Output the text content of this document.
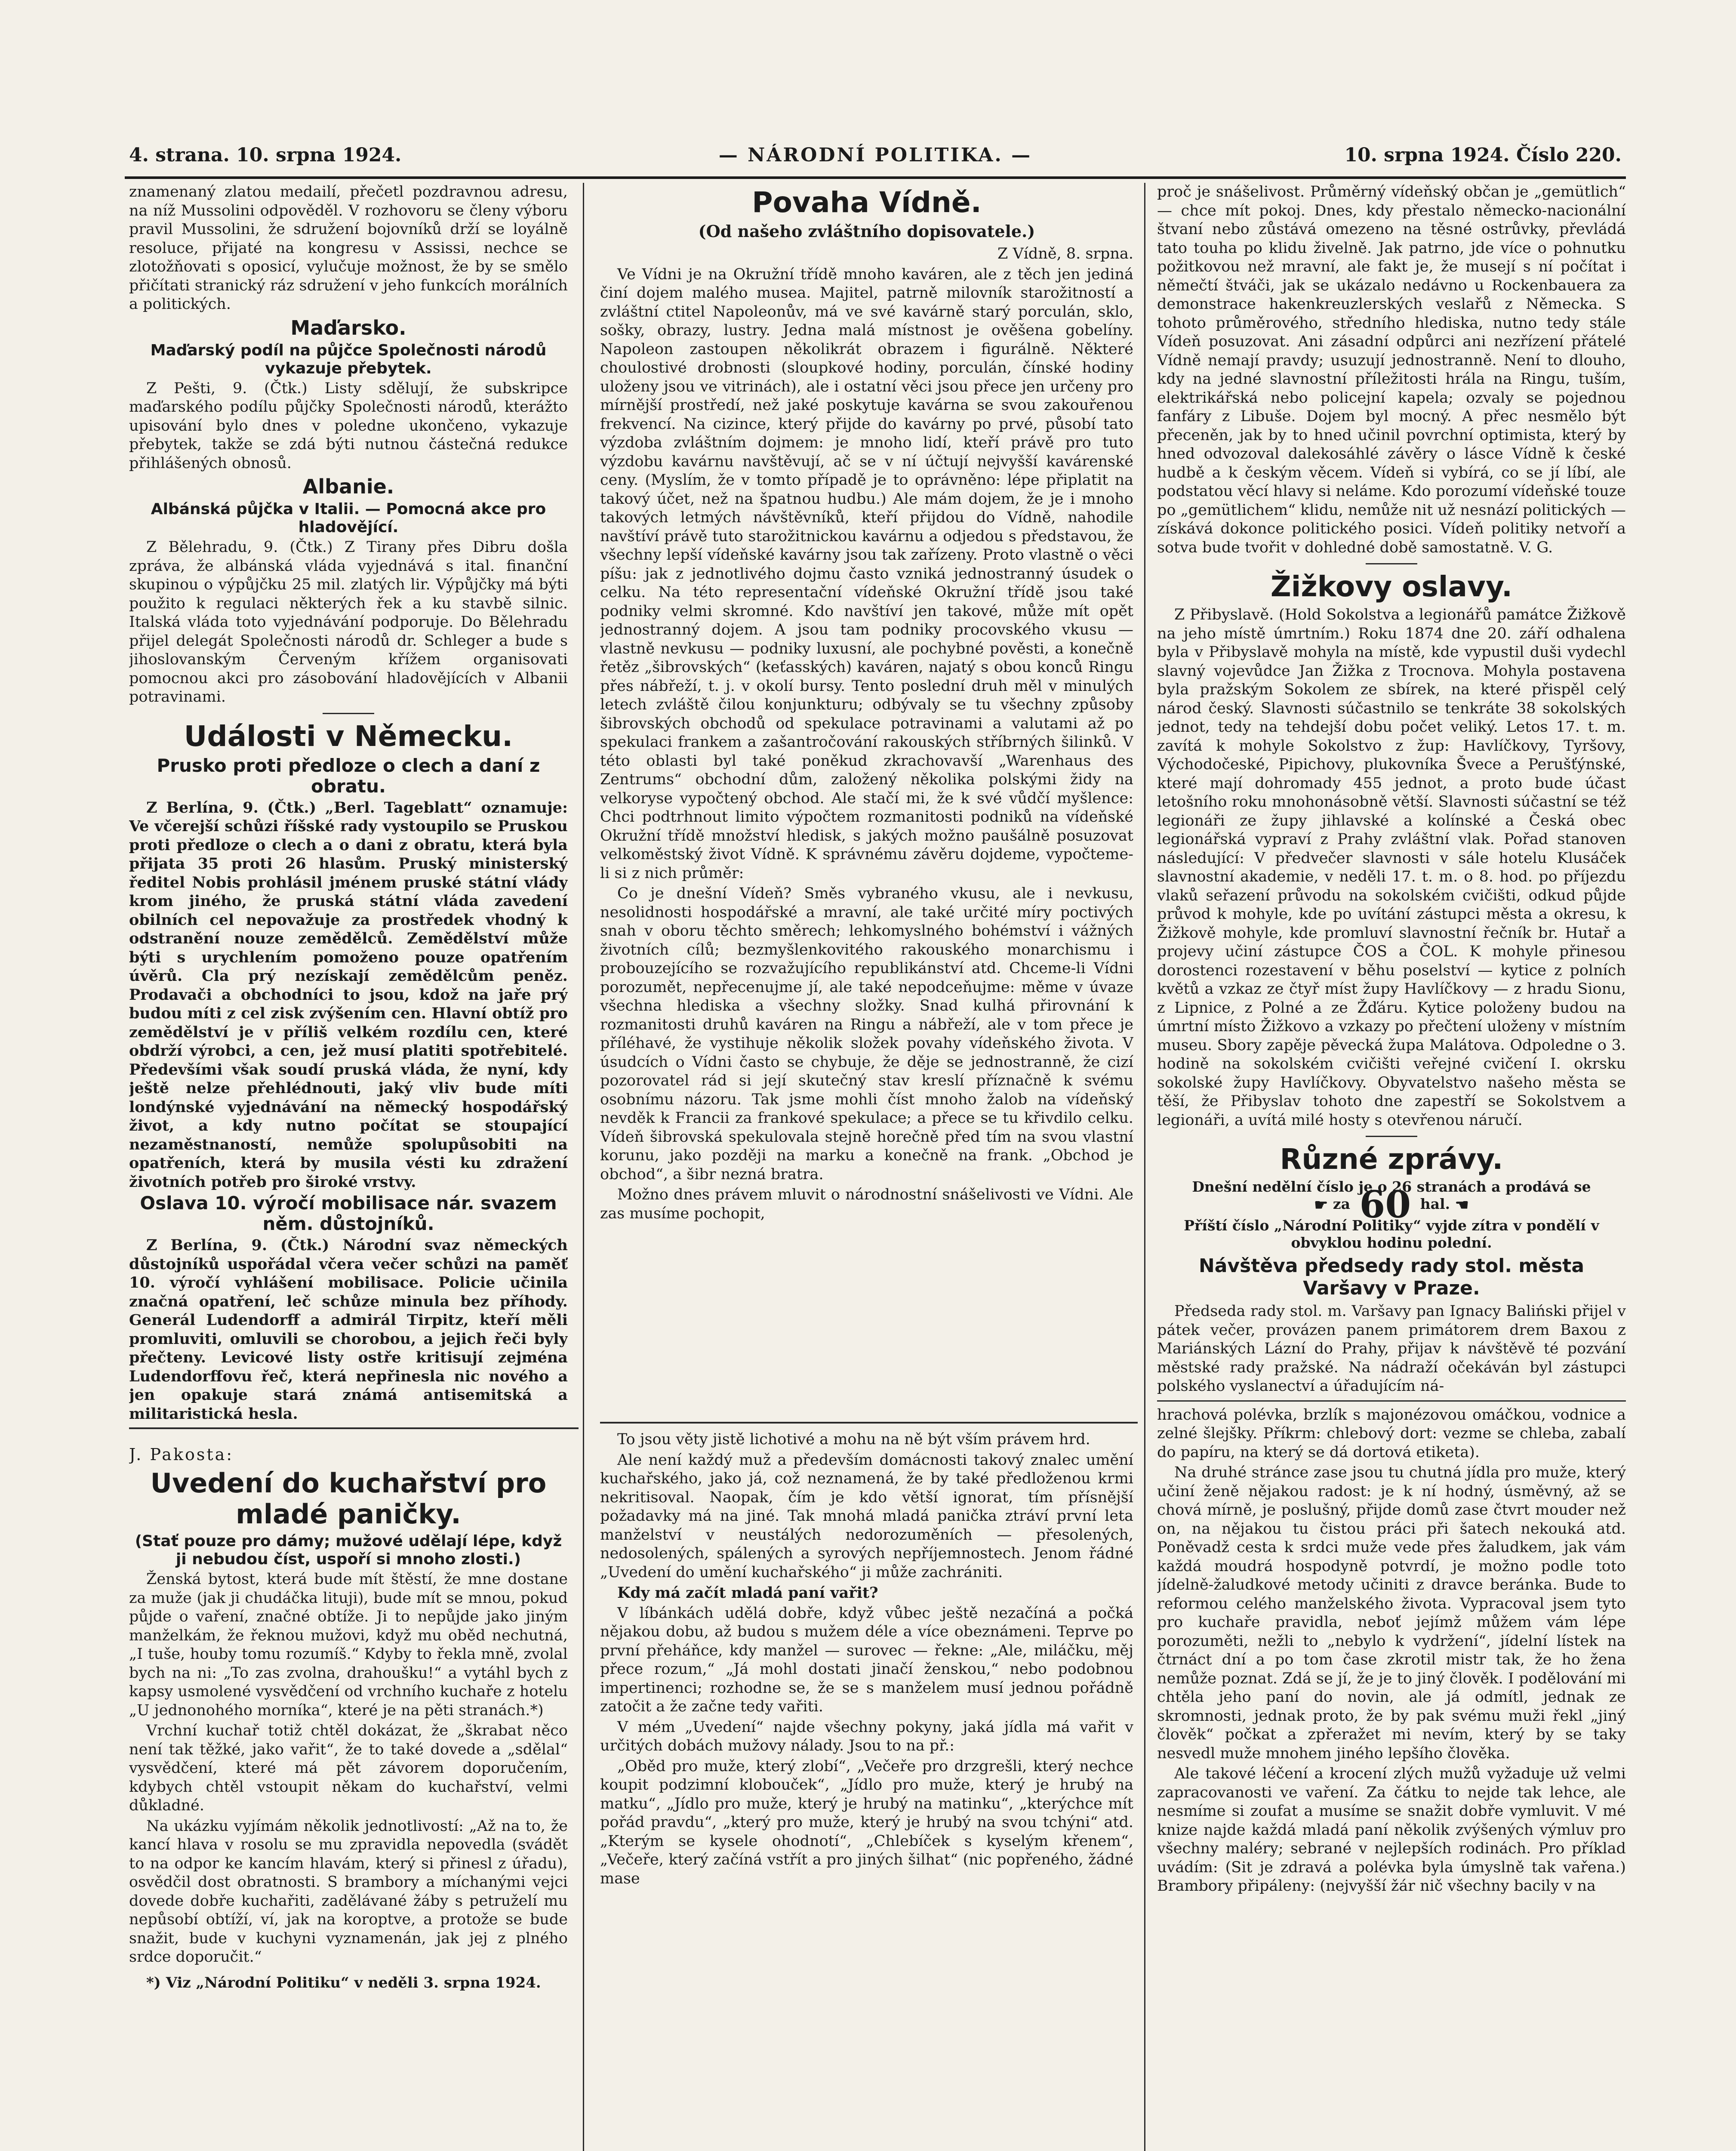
4. strana. 10. srpna 1924.	— NÁRODNÍ POLITIKA. —	10. srpna 1924. Číslo 220.

znamenaný zlatou medailí, přečetl pozdravnou adresu, na níž Mussolini odpověděl. V rozhovoru se členy výboru pravil Mussolini, že sdružení bojovníků drží se loyálně resoluce, přijaté na kongresu v Assissi, nechce se zlotožňovati s oposicí, vylučuje možnost, že by se smělo přičítati stranický ráz sdružení v jeho funkcích morálních a politických.

Maďarsko.
Maďarský podíl na půjčce Společnosti národů vykazuje přebytek.

Z Pešti, 9. (Čtk.) Listy sdělují, že subskripce maďarského podílu půjčky Společnosti národů, kterážto upisování bylo dnes v poledne ukončeno, vykazuje přebytek, takže se zdá býti nutnou částečná redukce přihlášených obnosů.

Albanie.
Albánská půjčka v Italii. — Pomocná akce pro hladovějící.

Z Bělehradu, 9. (Čtk.) Z Tirany přes Dibru došla zpráva, že albánská vláda vyjednává s ital. finanční skupinou o výpůjčku 25 mil. zlatých lir. Výpůjčky má býti použito k regulaci některých řek a ku stavbě silnic. Italská vláda toto vyjednávání podporuje. Do Bělehradu přijel delegát Společnosti národů dr. Schleger a bude s jihoslovanským Červeným křížem organisovati pomocnou akci pro zásobování hladovějících v Albanii potravinami.

Události v Německu.
Prusko proti předloze o clech a daní z obratu.

Z Berlína, 9. (Čtk.) „Berl. Tageblatt“ oznamuje: Ve včerejší schůzi říšské rady vystoupilo se Pruskou proti předloze o clech a o dani z obratu, která byla přijata 35 proti 26 hlasům. Pruský ministerský ředitel Nobis prohlásil jménem pruské státní vlády krom jiného, že pruská státní vláda zavedení obilních cel nepovažuje za prostředek vhodný k odstranění nouze zemědělců. Zemědělství může býti s urychlením pomoženo pouze opatřením úvěrů. Cla prý nezískají zemědělcům peněz. Prodavači a obchodníci to jsou, kdož na jaře prý budou míti z cel zisk zvýšením cen. Hlavní obtíž pro zemědělství je v příliš velkém rozdílu cen, které obdrží výrobci, a cen, jež musí platiti spotřebitelé. Předevšími však soudí pruská vláda, že nyní, kdy ještě nelze přehlédnouti, jaký vliv bude míti londýnské vyjednávání na německý hospodářský život, a kdy nutno počítat se stoupající nezaměstnaností, nemůže spolupůsobiti na opatřeních, která by musila vésti ku zdražení životních potřeb pro široké vrstvy.

Oslava 10. výročí mobilisace nár. svazem něm. důstojníků.

Z Berlína, 9. (Čtk.) Národní svaz německých důstojníků uspořádal včera večer schůzi na paměť 10. výročí vyhlášení mobilisace. Policie učinila značná opatření, leč schůze minula bez příhody. Generál Ludendorff a admirál Tirpitz, kteří měli promluviti, omluvili se chorobou, a jejich řeči byly přečteny. Levicové listy ostře kritisují zejména Ludendorffovu řeč, která nepřinesla nic nového a jen opakuje stará známá antisemitská a militaristická hesla.

Povaha Vídně.
(Od našeho zvláštního dopisovatele.)

Z Vídně, 8. srpna.

Ve Vídni je na Okružní třídě mnoho kaváren, ale z těch jen jediná činí dojem malého musea. Majitel, patrně milovník starožitností a zvláštní ctitel Napoleonův, má ve své kavárně starý porculán, sklo, sošky, obrazy, lustry. Jedna malá místnost je ověšena gobelíny. Napoleon zastoupen několikrát obrazem i figurálně. Některé choulostivé drobnosti (sloupkové hodiny, porculán, čínské hodiny uloženy jsou ve vitrinách), ale i ostatní věci jsou přece jen určeny pro mírnější prostředí, než jaké poskytuje kavárna se svou zakouřenou frekvencí. Na cizince, který přijde do kavárny po prvé, působí tato výzdoba zvláštním dojmem: je mnoho lidí, kteří právě pro tuto výzdobu kavárnu navštěvují, ač se v ní účtují nejvyšší kavárenské ceny. (Myslím, že v tomto případě je to oprávněno: lépe připlatit na takový účet, než na špatnou hudbu.) Ale mám dojem, že je i mnoho takových letmých návštěvníků, kteří přijdou do Vídně, nahodile navštíví právě tuto starožitnickou kavárnu a odjedou s představou, že všechny lepší vídeňské kavárny jsou tak zařízeny. Proto vlastně o věci píšu: jak z jednotlivého dojmu často vzniká jednostranný úsudek o celku. Na této representační vídeňské Okružní třídě jsou také podniky velmi skromné. Kdo navštíví jen takové, může mít opět jednostranný dojem. A jsou tam podniky procovského vkusu — vlastně nevkusu — podniky luxusní, ale pochybné pověsti, a konečně řetěz „šibrovských“ (keťasských) kaváren, najatý s obou konců Ringu přes nábřeží, t. j. v okolí bursy. Tento poslední druh měl v minulých letech zvláště čilou konjunkturu; odbývaly se tu všechny způsoby šibrovských obchodů od spekulace potravinami a valutami až po spekulaci frankem a zašantročování rakouských stříbrných šilinků. V této oblasti byl také poněkud zkrachovavší „Warenhaus des Zentrums“ obchodní dům, založený několika polskými židy na velkoryse vypočtený obchod. Ale stačí mi, že k své vůdčí myšlence: Chci podtrhnout limito výpočtem rozmanitosti podniků na vídeňské Okružní třídě množství hledisk, s jakých možno paušálně posuzovat velkoměstský život Vídně. K správnému závěru dojdeme, vypočteme-li si z nich průměr:

Co je dnešní Vídeň? Směs vybraného vkusu, ale i nevkusu, nesolidnosti hospodářské a mravní, ale také určité míry poctivých snah v oboru těchto směrech; lehkomyslného bohémství i vážných životních cílů; bezmyšlenkovitého rakouského monarchismu i probouzejícího se rozvažujícího republikánství atd. Chceme-li Vídni porozumět, nepřecenujme jí, ale také nepodceňujme: měme v úvaze všechna hlediska a všechny složky. Snad kulhá přirovnání k rozmanitosti druhů kaváren na Ringu a nábřeží, ale v tom přece je příléhavé, že vystihuje několik složek povahy vídeňského života. V úsudcích o Vídni často se chybuje, že děje se jednostranně, že cizí pozorovatel rád si její skutečný stav kreslí příznačně k svému osobnímu názoru. Tak jsme mohli číst mnoho žalob na vídeňský nevděk k Francii za frankové spekulace; a přece se tu křivdilo celku. Vídeň šibrovská spekulovala stejně horečně před tím na svou vlastní korunu, jako později na marku a konečně na frank. „Obchod je obchod“, a šibr nezná bratra.

Možno dnes právem mluvit o národnostní snášelivosti ve Vídni. Ale zas musíme pochopit,

proč je snášelivost. Průměrný vídeňský občan je „gemütlich“ — chce mít pokoj. Dnes, kdy přestalo německo-nacionální štvaní nebo zůstává omezeno na těsné ostrůvky, převládá tato touha po klidu živelně. Jak patrno, jde více o pohnutku požitkovou než mravní, ale fakt je, že musejí s ní počítat i němečtí štváči, jak se ukázalo nedávno u Rockenbauera za demonstrace hakenkreuzlerských veslařů z Německa. S tohoto průměrového, středního hlediska, nutno tedy stále Vídeň posuzovat. Ani zásadní odpůrci ani nezřízení přátelé Vídně nemají pravdy; usuzují jednostranně. Není to dlouho, kdy na jedné slavnostní příležitosti hrála na Ringu, tuším, elektrikářská nebo policejní kapela; ozvaly se pojednou fanfáry z Libuše. Dojem byl mocný. A přec nesmělo být přeceněn, jak by to hned učinil povrchní optimista, který by hned odvozoval dalekosáhlé závěry o lásce Vídně k české hudbě a k českým věcem. Vídeň si vybírá, co se jí líbí, ale podstatou věcí hlavy si neláme. Kdo porozumí vídeňské touze po „gemütlichem“ klidu, nemůže nit už nesnází politických — získává dokonce politického posici. Vídeň politiky netvoří a sotva bude tvořit v dohledné době samostatně. V. G.

Žižkovy oslavy.

Z Přibyslavě. (Hold Sokolstva a legionářů památce Žižkově na jeho místě úmrtním.) Roku 1874 dne 20. září odhalena byla v Přibyslavě mohyla na místě, kde vypustil duši vydechl slavný vojevůdce Jan Žižka z Trocnova. Mohyla postavena byla pražským Sokolem ze sbírek, na které přispěl celý národ český. Slavnosti súčastnilo se tenkráte 38 sokolských jednot, tedy na tehdejší dobu počet veliký. Letos 17. t. m. zavítá k mohyle Sokolstvo z žup: Havlíčkovy, Tyršovy, Východočeské, Pipichovy, plukovníka Švece a Perušťýnské, které mají dohromady 455 jednot, a proto bude účast letošního roku mnohonásobně větší. Slavnosti súčastní se též legionáři ze župy jihlavské a kolínské a Česká obec legionářská vypraví z Prahy zvláštní vlak. Pořad stanoven následující: V předvečer slavnosti v sále hotelu Klusáček slavnostní akademie, v neděli 17. t. m. o 8. hod. po příjezdu vlaků seřazení průvodu na sokolském cvičišti, odkud půjde průvod k mohyle, kde po uvítání zástupci města a okresu, k Žižkově mohyle, kde promluví slavnostní řečník br. Hutař a projevy učiní zástupce ČOS a ČOL. K mohyle přinesou dorostenci rozestavení v běhu poselství — kytice z polních květů a vzkaz ze čtyř míst župy Havlíčkovy — z hradu Sionu, z Lipnice, z Polné a ze Žďáru. Kytice položeny budou na úmrtní místo Žižkovo a vzkazy po přečtení uloženy v místním museu. Sbory zapěje pěvecká župa Malátova. Odpoledne o 3. hodině na sokolském cvičišti veřejné cvičení I. okrsku sokolské župy Havlíčkovy. Obyvatelstvo našeho města se těší, že Přibyslav tohoto dne zapestří se Sokolstvem a legionáři, a uvítá milé hosty s otevřenou náručí.

Různé zprávy.
Dnešní nedělní číslo je o 26 stranách a prodává se
☛ za 60 hal. ☚
Příští číslo „Národní Politiky“ vyjde zítra v pondělí v obvyklou hodinu polední.
Návštěva předsedy rady stol. města Varšavy v Praze.

Předseda rady stol. m. Varšavy pan Ignacy Baliński přijel v pátek večer, provázen panem primátorem drem Baxou z Mariánských Lázní do Prahy, přijav k návštěvě té pozvání městské rady pražské. Na nádraží očekáván byl zástupci polského vyslanectví a úřadujícím ná-

hrachová polévka, brzlík s majonézovou omáčkou, vodnice a zelné šlejšky. Příkrm: chlebový dort: vezme se chleba, zabalí do papíru, na který se dá dortová etiketa).

Na druhé stránce zase jsou tu chutná jídla pro muže, který učiní ženě nějakou radost: je k ní hodný, úsměvný, až se chová mírně, je poslušný, přijde domů zase čtvrt mouder než on, na nějakou tu čistou práci při šatech nekouká atd. Poněvadž cesta k srdci muže vede přes žaludkem, jak vám každá moudrá hospodyně potvrdí, je možno podle toto jídelně-žaludkové metody učiniti z dravce beránka. Bude to reformou celého manželského života. Vypracoval jsem tyto pro kuchaře pravidla, neboť jejímž můžem vám lépe porozuměti, nežli to „nebylo k vydržení“, jídelní lístek na čtrnáct dní a po tom čase zkrotil mistr tak, že ho žena nemůže poznat. Zdá se jí, že je to jiný člověk. I podělování mi chtěla jeho paní do novin, ale já odmítl, jednak ze skromnosti, jednak proto, že by pak svému muži řekl „jiný člověk“ počkat a zpřeražet mi nevím, který by se taky nesvedl muže mnohem jiného lepšího člověka.

Ale takové léčení a krocení zlých mužů vyžaduje už velmi zapracovanosti ve vaření. Za čátku to nejde tak lehce, ale nesmíme si zoufat a musíme se snažit dobře vymluvit. V mé knize najde každá mladá paní několik zvýšených výmluv pro všechny maléry; sebrané v nejlepších rodinách. Pro příklad uvádím: (Sit je zdravá a polévka byla úmyslně tak vařena.) Brambory připáleny: (nejvyšší žár nič všechny bacily v na

J. Pakosta:
Uvedení do kuchařství pro mladé paničky.
(Stať pouze pro dámy; mužové udělají lépe, když ji nebudou číst, uspoří si mnoho zlosti.)

Ženská bytost, která bude mít štěstí, že mne dostane za muže (jak ji chudáčka lituji), bude mít se mnou, pokud půjde o vaření, značné obtíže. Ji to nepůjde jako jiným manželkám, že řeknou mužovi, když mu oběd nechutná, „I tuše, houby tomu rozumíš.“ Kdyby to řekla mně, zvolal bych na ni: „To zas zvolna, drahoušku!“ a vytáhl bych z kapsy usmolené vysvědčení od vrchního kuchaře z hotelu „U jednonohého morníka“, které je na pěti stranách.*)

Vrchní kuchař totiž chtěl dokázat, že „škrabat něco není tak těžké, jako vařit“, že to také dovede a „sdělal“ vysvědčení, které má pět závorem doporučením, kdybych chtěl vstoupit někam do kuchařství, velmi důkladné.

Na ukázku vyjímám několik jednotlivostí: „Až na to, že kancí hlava v rosolu se mu zpravidla nepovedla (svádět to na odpor ke kancím hlavám, který si přinesl z úřadu), osvědčil dost obratnosti. S brambory a míchanými vejci dovede dobře kuchařiti, zadělávané žáby s petruželí mu nepůsobí obtíží, ví, jak na koroptve, a protože se bude snažit, bude v kuchyni vyznamenán, jak jej z plného srdce doporučit.“

*) Viz „Národní Politiku“ v neděli 3. srpna 1924.

To jsou věty jistě lichotivé a mohu na ně být vším právem hrd.

Ale není každý muž a především domácnosti takový znalec umění kuchařského, jako já, což neznamená, že by také předloženou krmi nekritisoval. Naopak, čím je kdo větší ignorat, tím přísnější požadavky má na jiné. Tak mnohá mladá panička ztráví první leta manželství v neustálých nedorozuměních — přesolených, nedosolených, spálených a syrových nepříjemnostech. Jenom řádné „Uvedení do umění kuchařského“ ji může zachrániti.

Kdy má začít mladá paní vařit?

V líbánkách udělá dobře, když vůbec ještě nezačíná a počká nějakou dobu, až budou s mužem déle a více obeznámeni. Teprve po první přeháňce, kdy manžel — surovec — řekne: „Ale, miláčku, měj přece rozum,“ „Já mohl dostati jinačí ženskou,“ nebo podobnou impertinenci; rozhodne se, že se s manželem musí jednou pořádně zatočit a že začne tedy vařiti.

V mém „Uvedení“ najde všechny pokyny, jaká jídla má vařit v určitých dobách mužovy nálady. Jsou to na př.:

„Oběd pro muže, který zlobí“, „Večeře pro drzgrešli, který nechce koupit podzimní klobouček“, „Jídlo pro muže, který je hrubý na matku“, „Jídlo pro muže, který je hrubý na matinku“, „kterýchce mít pořád pravdu“, „který pro muže, který je hrubý na svou tchýni“ atd. „Kterým se kysele ohodnotí“, „Chlebíček s kyselým křenem“, „Večeře, který začíná vstřít a pro jiných šilhat“ (nic popřeného, žádné mase
